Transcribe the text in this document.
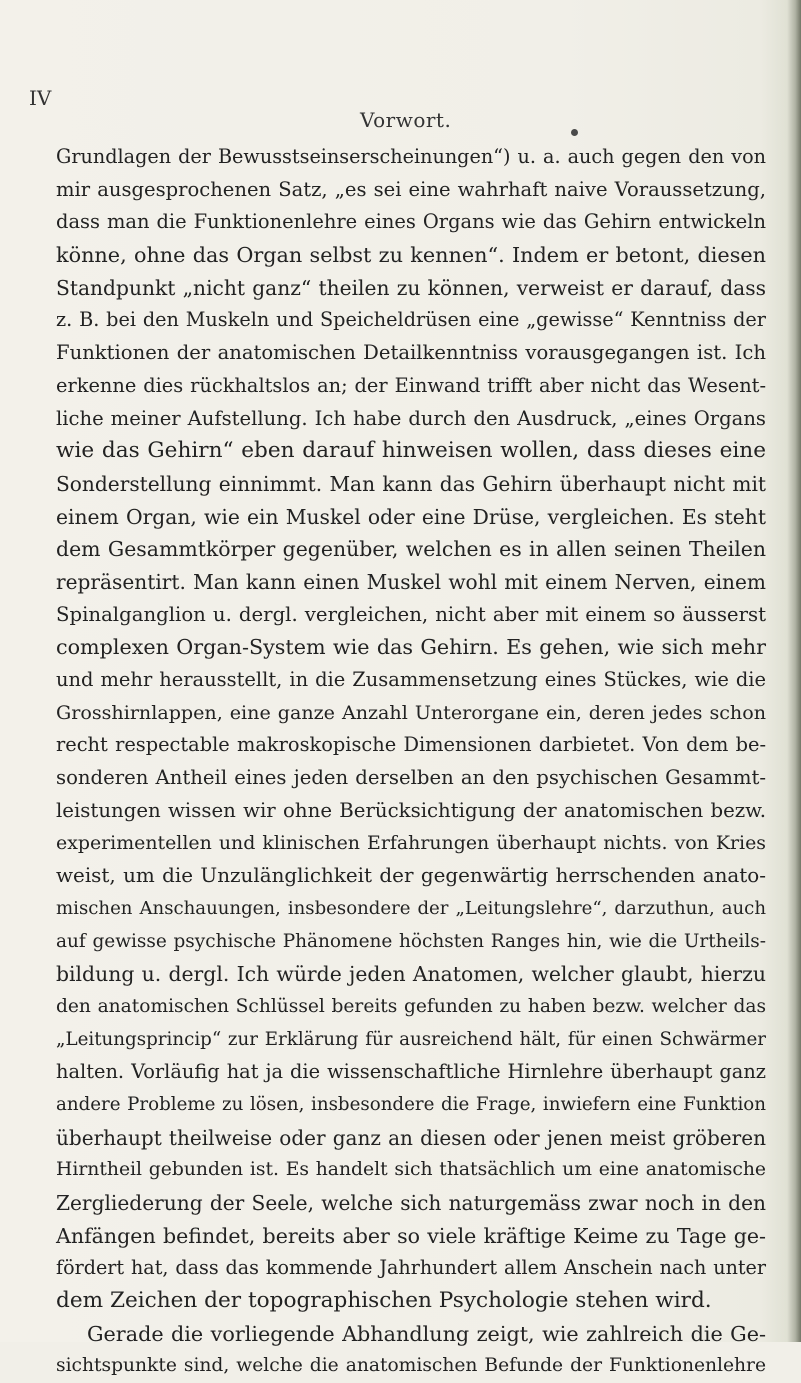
IV
Vorwort.
Grundlagen der Bewusstseinserscheinungen“) u. a. auch gegen den von
mir ausgesprochenen Satz, „es sei eine wahrhaft naive Voraussetzung,
dass man die Funktionenlehre eines Organs wie das Gehirn entwickeln
könne, ohne das Organ selbst zu kennen“. Indem er betont, diesen
Standpunkt „nicht ganz“ theilen zu können, verweist er darauf, dass
z. B. bei den Muskeln und Speicheldrüsen eine „gewisse“ Kenntniss der
Funktionen der anatomischen Detailkenntniss vorausgegangen ist. Ich
erkenne dies rückhaltslos an; der Einwand trifft aber nicht das Wesent-
liche meiner Aufstellung. Ich habe durch den Ausdruck, „eines Organs
wie das Gehirn“ eben darauf hinweisen wollen, dass dieses eine
Sonderstellung einnimmt. Man kann das Gehirn überhaupt nicht mit
einem Organ, wie ein Muskel oder eine Drüse, vergleichen. Es steht
dem Gesammtkörper gegenüber, welchen es in allen seinen Theilen
repräsentirt. Man kann einen Muskel wohl mit einem Nerven, einem
Spinalganglion u. dergl. vergleichen, nicht aber mit einem so äusserst
complexen Organ-System wie das Gehirn. Es gehen, wie sich mehr
und mehr herausstellt, in die Zusammensetzung eines Stückes, wie die
Grosshirnlappen, eine ganze Anzahl Unterorgane ein, deren jedes schon
recht respectable makroskopische Dimensionen darbietet. Von dem be-
sonderen Antheil eines jeden derselben an den psychischen Gesammt-
leistungen wissen wir ohne Berücksichtigung der anatomischen bezw.
experimentellen und klinischen Erfahrungen überhaupt nichts. von Kries
weist, um die Unzulänglichkeit der gegenwärtig herrschenden anato-
mischen Anschauungen, insbesondere der „Leitungslehre“, darzuthun, auch
auf gewisse psychische Phänomene höchsten Ranges hin, wie die Urtheils-
bildung u. dergl. Ich würde jeden Anatomen, welcher glaubt, hierzu
den anatomischen Schlüssel bereits gefunden zu haben bezw. welcher das
„Leitungsprincip“ zur Erklärung für ausreichend hält, für einen Schwärmer
halten. Vorläufig hat ja die wissenschaftliche Hirnlehre überhaupt ganz
andere Probleme zu lösen, insbesondere die Frage, inwiefern eine Funktion
überhaupt theilweise oder ganz an diesen oder jenen meist gröberen
Hirntheil gebunden ist. Es handelt sich thatsächlich um eine anatomische
Zergliederung der Seele, welche sich naturgemäss zwar noch in den
Anfängen befindet, bereits aber so viele kräftige Keime zu Tage ge-
fördert hat, dass das kommende Jahrhundert allem Anschein nach unter
dem Zeichen der topographischen Psychologie stehen wird.
Gerade die vorliegende Abhandlung zeigt, wie zahlreich die Ge-
sichtspunkte sind, welche die anatomischen Befunde der Funktionenlehre
